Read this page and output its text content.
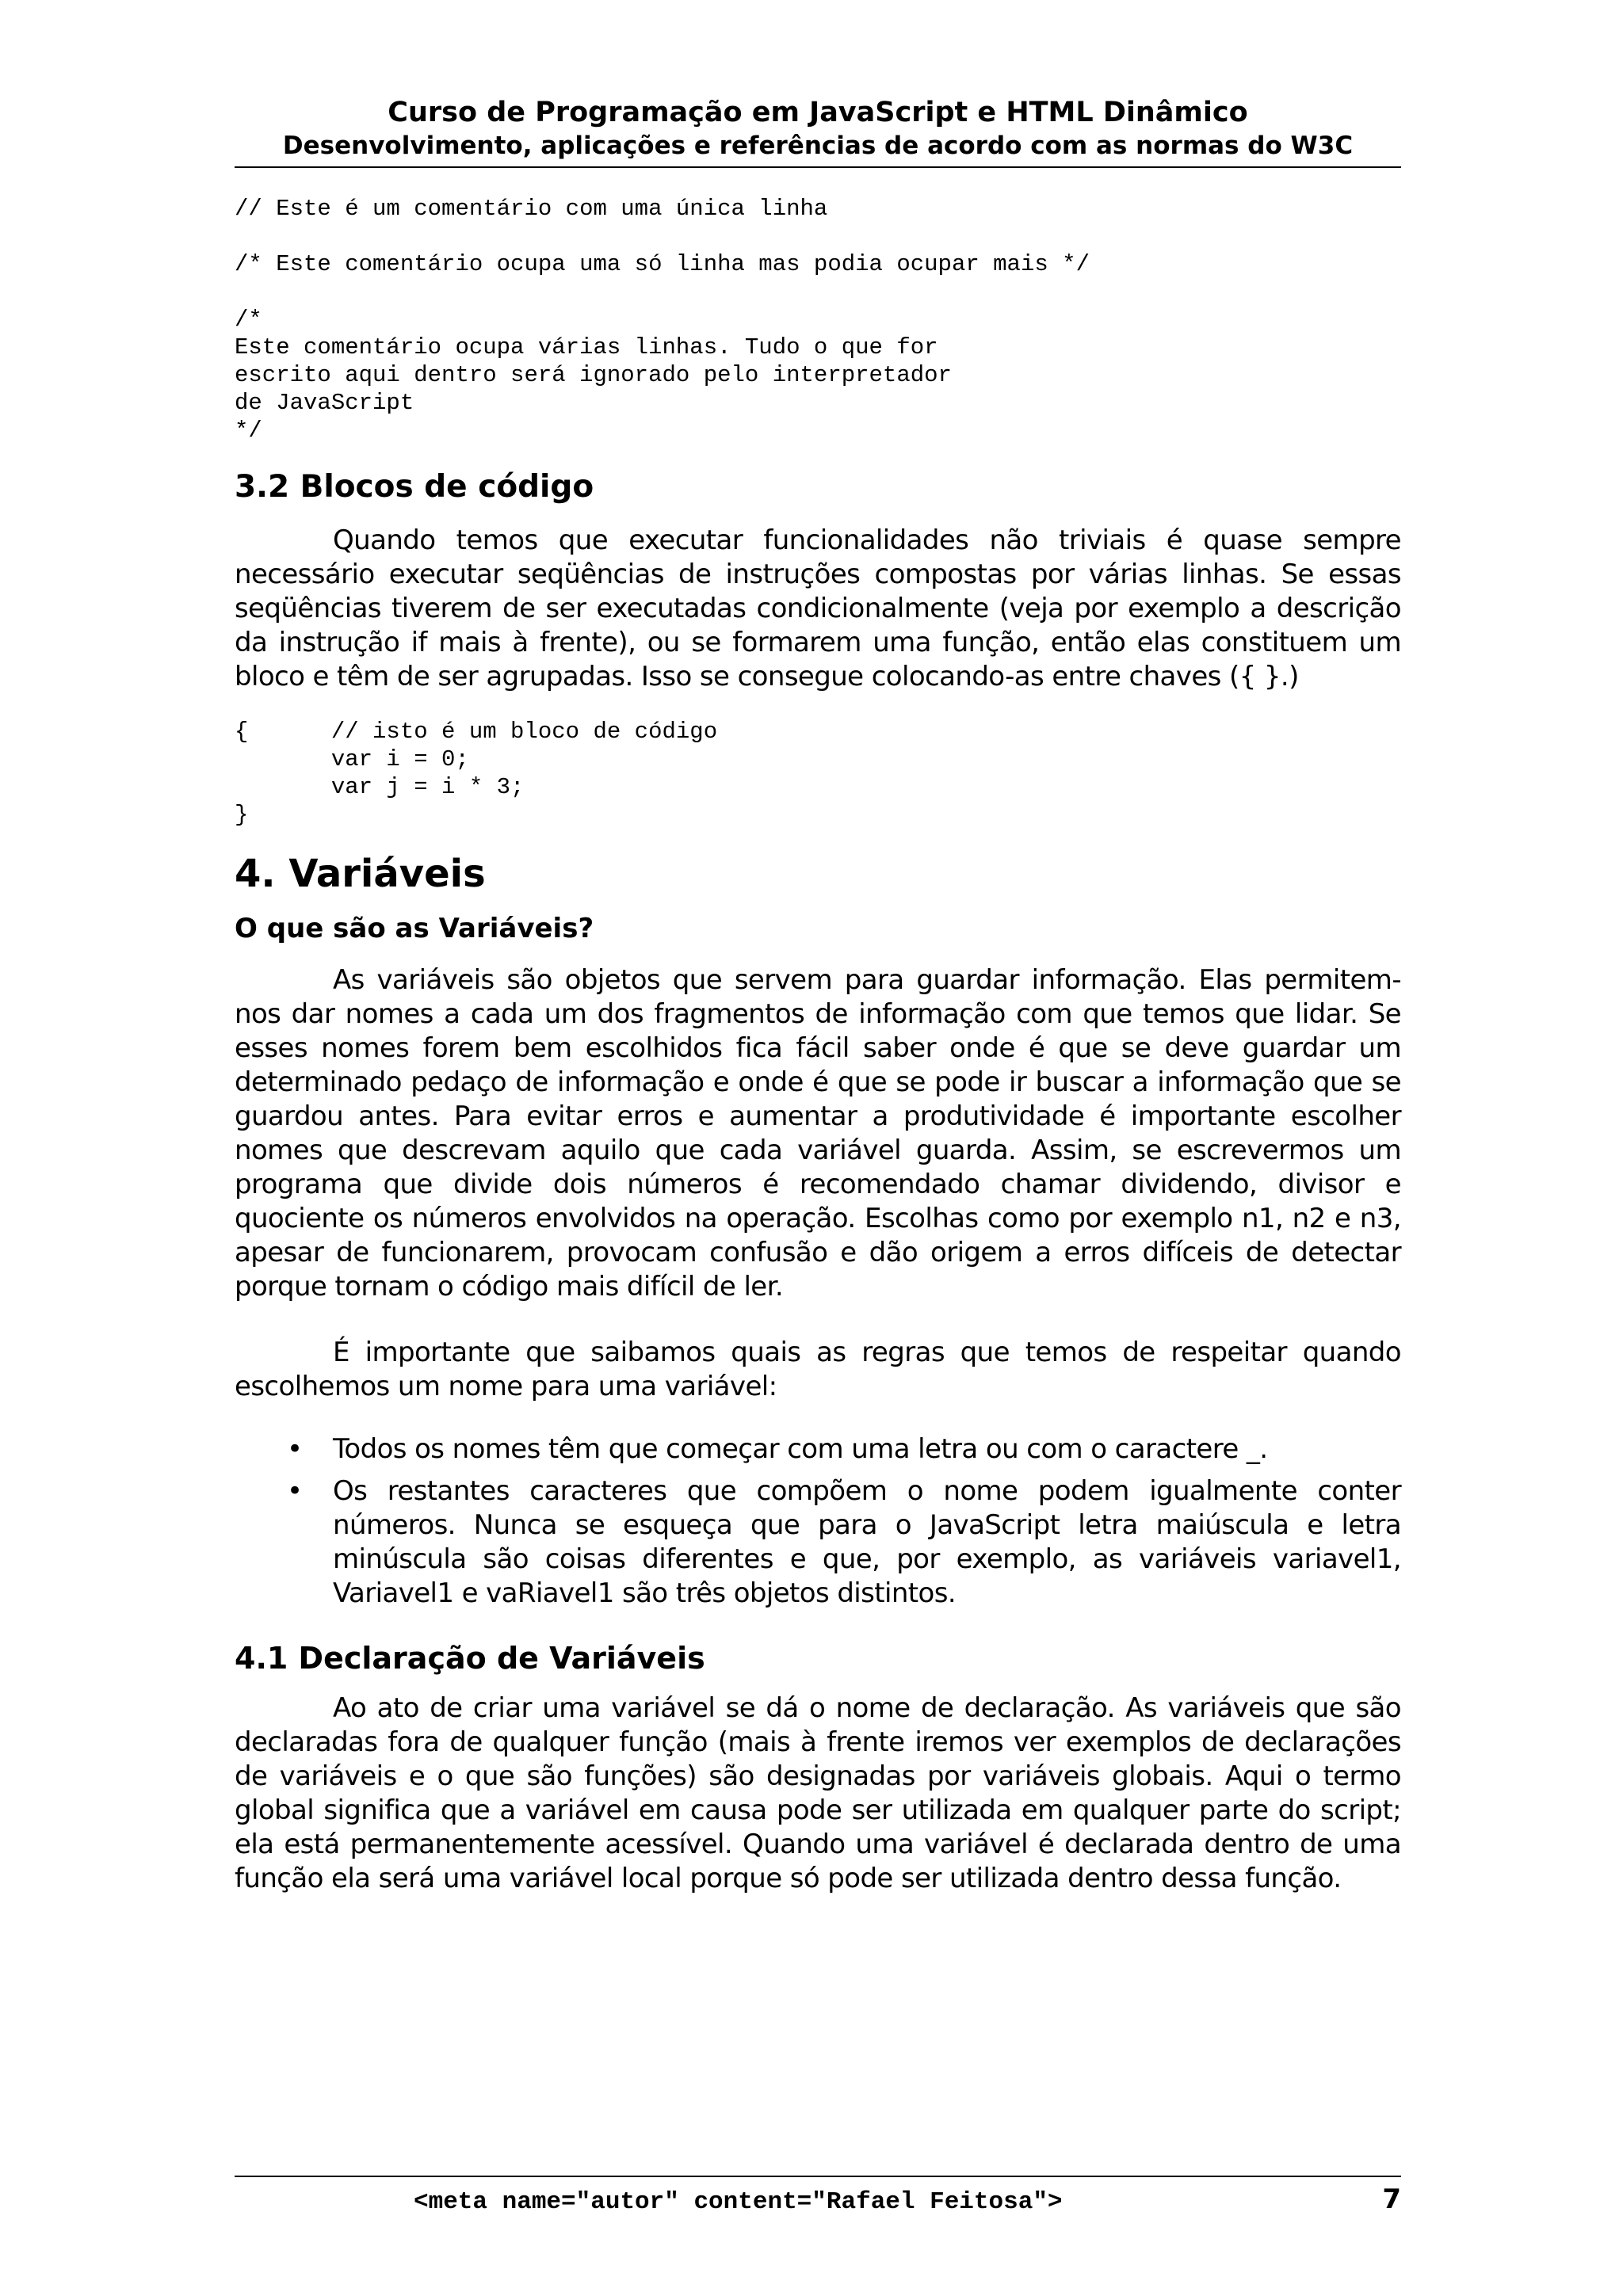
Curso de Programação em JavaScript e HTML Dinâmico
Desenvolvimento, aplicações e referências de acordo com as normas do W3C
// Este é um comentário com uma única linha
/* Este comentário ocupa uma só linha mas podia ocupar mais */
/*
Este comentário ocupa várias linhas. Tudo o que for
escrito aqui dentro será ignorado pelo interpretador
de JavaScript
*/
3.2 Blocos de código

Quando temos que executar funcionalidades não triviais é quase sempre necessário executar seqüências de instruções compostas por várias linhas. Se essas seqüências tiverem de ser executadas condicionalmente (veja por exemplo a descrição da instrução if mais à frente), ou se formarem uma função, então elas constituem um bloco e têm de ser agrupadas. Isso se consegue colocando-as entre chaves ({ }.)

{      // isto é um bloco de código
var i = 0;
var j = i * 3;
}
4. Variáveis
O que são as Variáveis?

As variáveis são objetos que servem para guardar informação. Elas permitem-nos dar nomes a cada um dos fragmentos de informação com que temos que lidar. Se esses nomes forem bem escolhidos fica fácil saber onde é que se deve guardar um determinado pedaço de informação e onde é que se pode ir buscar a informação que se guardou antes. Para evitar erros e aumentar a produtividade é importante escolher nomes que descrevam aquilo que cada variável guarda. Assim, se escrevermos um programa que divide dois números é recomendado chamar dividendo, divisor e quociente os números envolvidos na operação. Escolhas como por exemplo n1, n2 e n3, apesar de funcionarem, provocam confusão e dão origem a erros difíceis de detectar porque tornam o código mais difícil de ler.

É importante que saibamos quais as regras que temos de respeitar quando escolhemos um nome para uma variável:

• Todos os nomes têm que começar com uma letra ou com o caractere _.
• Os restantes caracteres que compõem o nome podem igualmente conter números. Nunca se esqueça que para o JavaScript letra maiúscula e letra minúscula são coisas diferentes e que, por exemplo, as variáveis variavel1, Variavel1 e vaRiavel1 são três objetos distintos.
4.1 Declaração de Variáveis

Ao ato de criar uma variável se dá o nome de declaração. As variáveis que são declaradas fora de qualquer função (mais à frente iremos ver exemplos de declarações de variáveis e o que são funções) são designadas por variáveis globais. Aqui o termo global significa que a variável em causa pode ser utilizada em qualquer parte do script; ela está permanentemente acessível. Quando uma variável é declarada dentro de uma função ela será uma variável local porque só pode ser utilizada dentro dessa função.

<meta name="autor" content="Rafael Feitosa">	7
